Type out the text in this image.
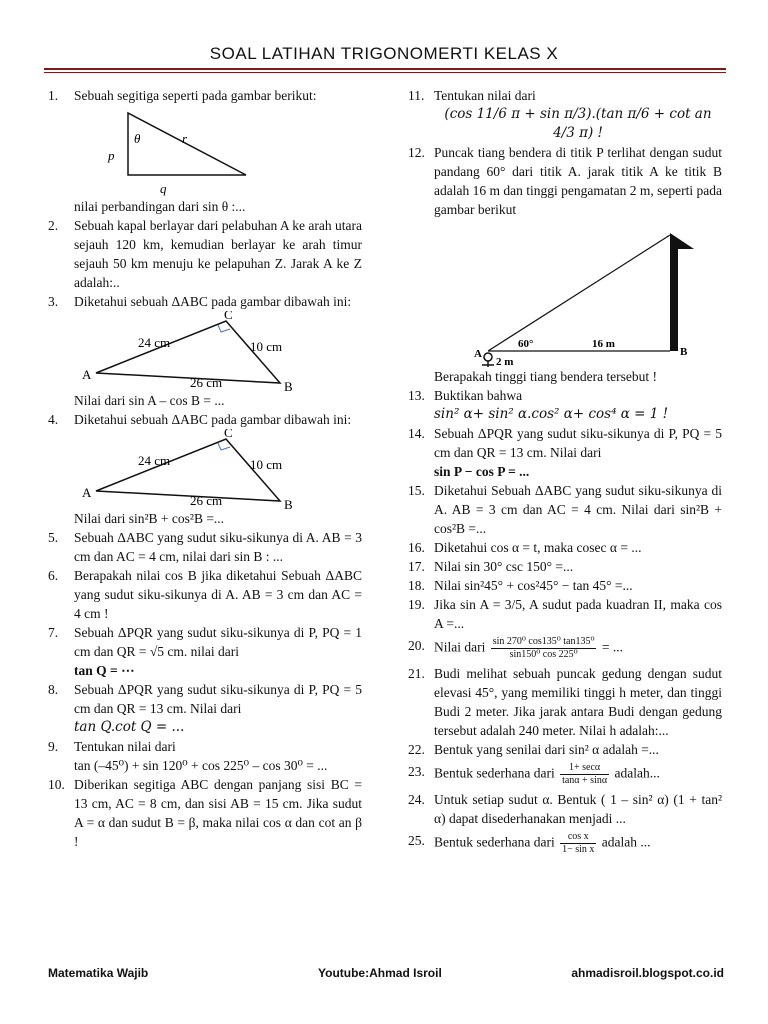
SOAL LATIHAN TRIGONOMERTI KELAS X
1.	Sebuah segitiga seperti pada gambar berikut:
θ	r
p
q
nilai perbandingan dari sin θ :...
2.	Sebuah kapal berlayar dari pelabuhan A ke arah utara sejauh 120 km, kemudian berlayar ke arah timur sejauh 50 km menuju ke pelapuhan Z. Jarak A ke Z adalah:..
3.	Diketahui sebuah ΔABC pada gambar dibawah ini:
C
A
B
24 cm	10 cm
26 cm
Nilai dari sin A – cos B = ...
4.	Diketahui sebuah ΔABC pada gambar dibawah ini:
C
A
B
24 cm	10 cm
26 cm
Nilai dari sin²B + cos²B =...
5.	Sebuah ΔABC yang sudut siku-sikunya di A. AB = 3 cm dan AC = 4 cm, nilai dari sin B : ...
6.	Berapakah nilai cos B jika diketahui Sebuah ΔABC yang sudut siku-sikunya di A. AB = 3 cm dan AC = 4 cm !
7.	Sebuah ΔPQR yang sudut siku-sikunya di P, PQ = 1 cm dan QR = √5 cm. nilai dari
tan Q = ⋯
8.	Sebuah ΔPQR yang sudut siku-sikunya di P, PQ = 5 cm dan QR = 13 cm. Nilai dari
tan Q.cot Q = ...
9.	Tentukan nilai dari
tan (–45⁰) + sin 120⁰ + cos 225⁰ – cos 30⁰ = ...
10. Diberikan segitiga ABC dengan panjang sisi BC = 13 cm, AC = 8 cm, dan sisi AB = 15 cm. Jika sudut A = α dan sudut B = β, maka nilai cos α dan cot an β !
11. Tentukan nilai dari
(cos 11/6 π + sin π/3).(tan π/6 + cot an 4/3 π) !
12. Puncak tiang bendera di titik P terlihat dengan sudut pandang 60° dari titik A. jarak titik A ke titik B adalah 16 m dan tinggi pengamatan 2 m, seperti pada gambar berikut
A
60°	16 m
B
2 m
Berapakah tinggi tiang bendera tersebut !
13. Buktikan bahwa
sin² α+ sin² α.cos² α+ cos⁴ α = 1 !
14. Sebuah ΔPQR yang sudut siku-sikunya di P, PQ = 5 cm dan QR = 13 cm. Nilai dari
sin P − cos P = ...
15. Diketahui Sebuah ΔABC yang sudut siku-sikunya di A. AB = 3 cm dan AC = 4 cm. Nilai dari sin²B + cos²B =...
16. Diketahui cos α = t, maka cosec α = ...
17. Nilai sin 30° csc 150° =...
18. Nilai sin²45° + cos²45° − tan 45° =...
19. Jika sin A = 3/5, A sudut pada kuadran II, maka cos A =...
20. Nilai dari $\frac{\text{sin 270⁰ cos135⁰ tan135⁰}}{\text{sin150⁰ cos 225⁰}}$ = ...
21. Budi melihat sebuah puncak gedung dengan sudut elevasi 45°, yang memiliki tinggi h meter, dan tinggi Budi 2 meter. Jika jarak antara Budi dengan gedung tersebut adalah 240 meter. Nilai h adalah:...
22. Bentuk yang senilai dari sin² α adalah =...
23. Bentuk sederhana dari $\frac{1+ \sec\alpha}{\tan\alpha + \sin\alpha}$ adalah...
24. Untuk setiap sudut α. Bentuk ( 1 – sin² α) (1 + tan² α) dapat disederhanakan menjadi ...
25. Bentuk sederhana dari $\frac{\text{cos x}}{\text{1− sin x}}$ adalah ...
Matematika Wajib	Youtube:Ahmad Isroil	ahmadisroil.blogspot.co.id
